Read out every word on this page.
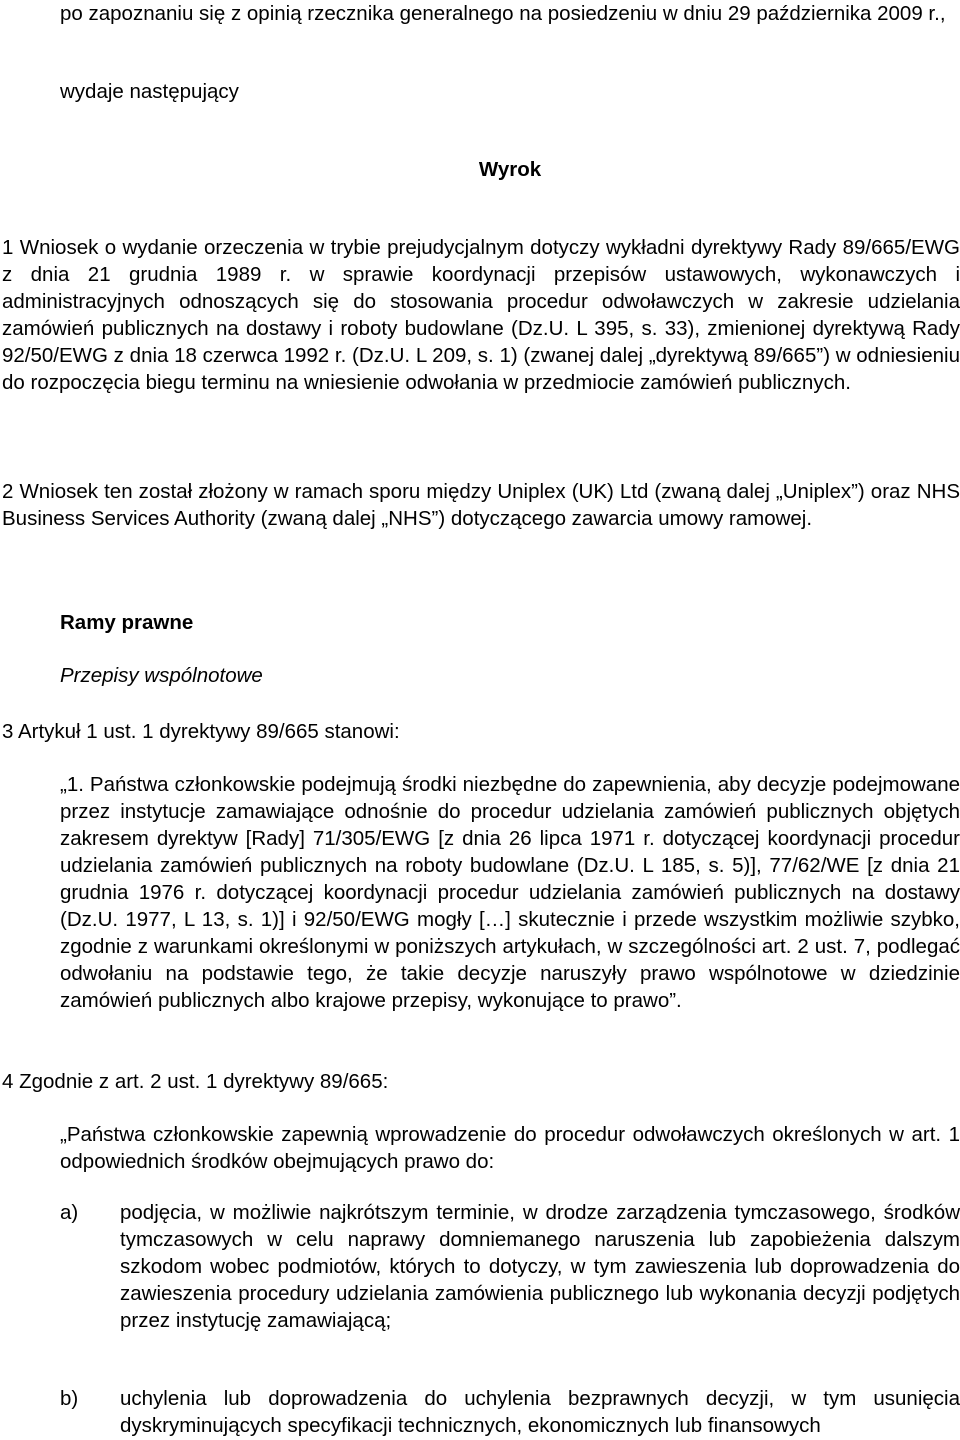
po zapoznaniu się z opinią rzecznika generalnego na posiedzeniu w dniu 29 października 2009 r.,

wydaje następujący

Wyrok

1 Wniosek o wydanie orzeczenia w trybie prejudycjalnym dotyczy wykładni dyrektywy Rady 89/665/EWG z dnia 21 grudnia 1989 r. w sprawie koordynacji przepisów ustawowych, wykonawczych i administracyjnych odnoszących się do stosowania procedur odwoławczych w zakresie udzielania zamówień publicznych na dostawy i roboty budowlane (Dz.U. L 395, s. 33), zmienionej dyrektywą Rady 92/50/EWG z dnia 18 czerwca 1992 r. (Dz.U. L 209, s. 1) (zwanej dalej „dyrektywą 89/665”) w odniesieniu do rozpoczęcia biegu terminu na wniesienie odwołania w przedmiocie zamówień publicznych.
2 Wniosek ten został złożony w ramach sporu między Uniplex (UK) Ltd (zwaną dalej „Uniplex”) oraz NHS Business Services Authority (zwaną dalej „NHS”) dotyczącego zawarcia umowy ramowej.

Ramy prawne

Przepisy wspólnotowe

3 Artykuł 1 ust. 1 dyrektywy 89/665 stanowi:

„1. Państwa członkowskie podejmują środki niezbędne do zapewnienia, aby decyzje podejmowane przez instytucje zamawiające odnośnie do procedur udzielania zamówień publicznych objętych zakresem dyrektyw [Rady] 71/305/EWG [z dnia 26 lipca 1971 r. dotyczącej koordynacji procedur udzielania zamówień publicznych na roboty budowlane (Dz.U. L 185, s. 5)], 77/62/WE [z dnia 21 grudnia 1976 r. dotyczącej koordynacji procedur udzielania zamówień publicznych na dostawy (Dz.U. 1977, L 13, s. 1)] i 92/50/EWG mogły […] skutecznie i przede wszystkim możliwie szybko, zgodnie z warunkami określonymi w poniższych artykułach, w szczególności art. 2 ust. 7, podlegać odwołaniu na podstawie tego, że takie decyzje naruszyły prawo wspólnotowe w dziedzinie zamówień publicznych albo krajowe przepisy, wykonujące to prawo”.

4 Zgodnie z art. 2 ust. 1 dyrektywy 89/665:

„Państwa członkowskie zapewnią wprowadzenie do procedur odwoławczych określonych w art. 1 odpowiednich środków obejmujących prawo do:

a) podjęcia, w możliwie najkrótszym terminie, w drodze zarządzenia tymczasowego, środków tymczasowych w celu naprawy domniemanego naruszenia lub zapobieżenia dalszym szkodom wobec podmiotów, których to dotyczy, w tym zawieszenia lub doprowadzenia do zawieszenia procedury udzielania zamówienia publicznego lub wykonania decyzji podjętych przez instytucję zamawiającą;

b) uchylenia lub doprowadzenia do uchylenia bezprawnych decyzji, w tym usunięcia dyskryminujących specyfikacji technicznych, ekonomicznych lub finansowych
